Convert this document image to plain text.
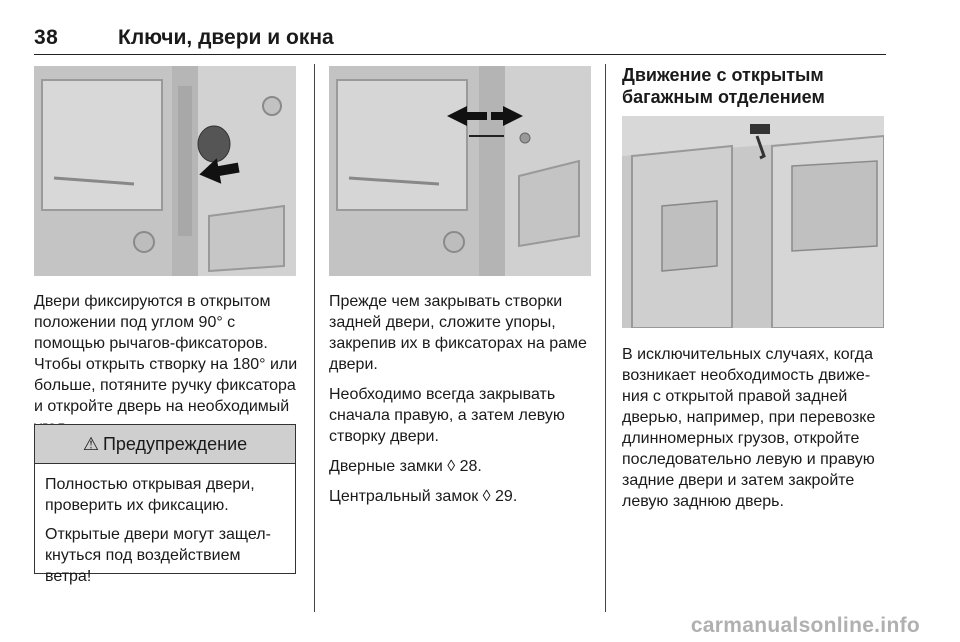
38	Ключи, двери и окна

Двери фиксируются в открытом положении под углом 90° с помощью рычагов-фиксаторов. Чтобы открыть створку на 180° или больше, потяните ручку фиксатора и откройте дверь на необходимый

⚠ Предупреждение

Полностью открывая двери, проверить их фиксацию.

Открытые двери могут защел-кнуться под воздействием ветра!

Прежде чем закрывать створки задней двери, сложите упоры, закрепив их в фиксаторах на раме двери.

Необходимо всегда закрывать сначала правую, а затем левую створку двери.

Дверные замки ◊ 28.

Центральный замок ◊ 29.

Движение с открытым багажным отделением

В исключительных случаях, когда возникает необходимость движе-ния с открытой правой задней дверью, например, при перевозке длинномерных грузов, откройте последовательно левую и правую задние двери и затем закройте левую заднюю дверь.

carmanualsonline.info
